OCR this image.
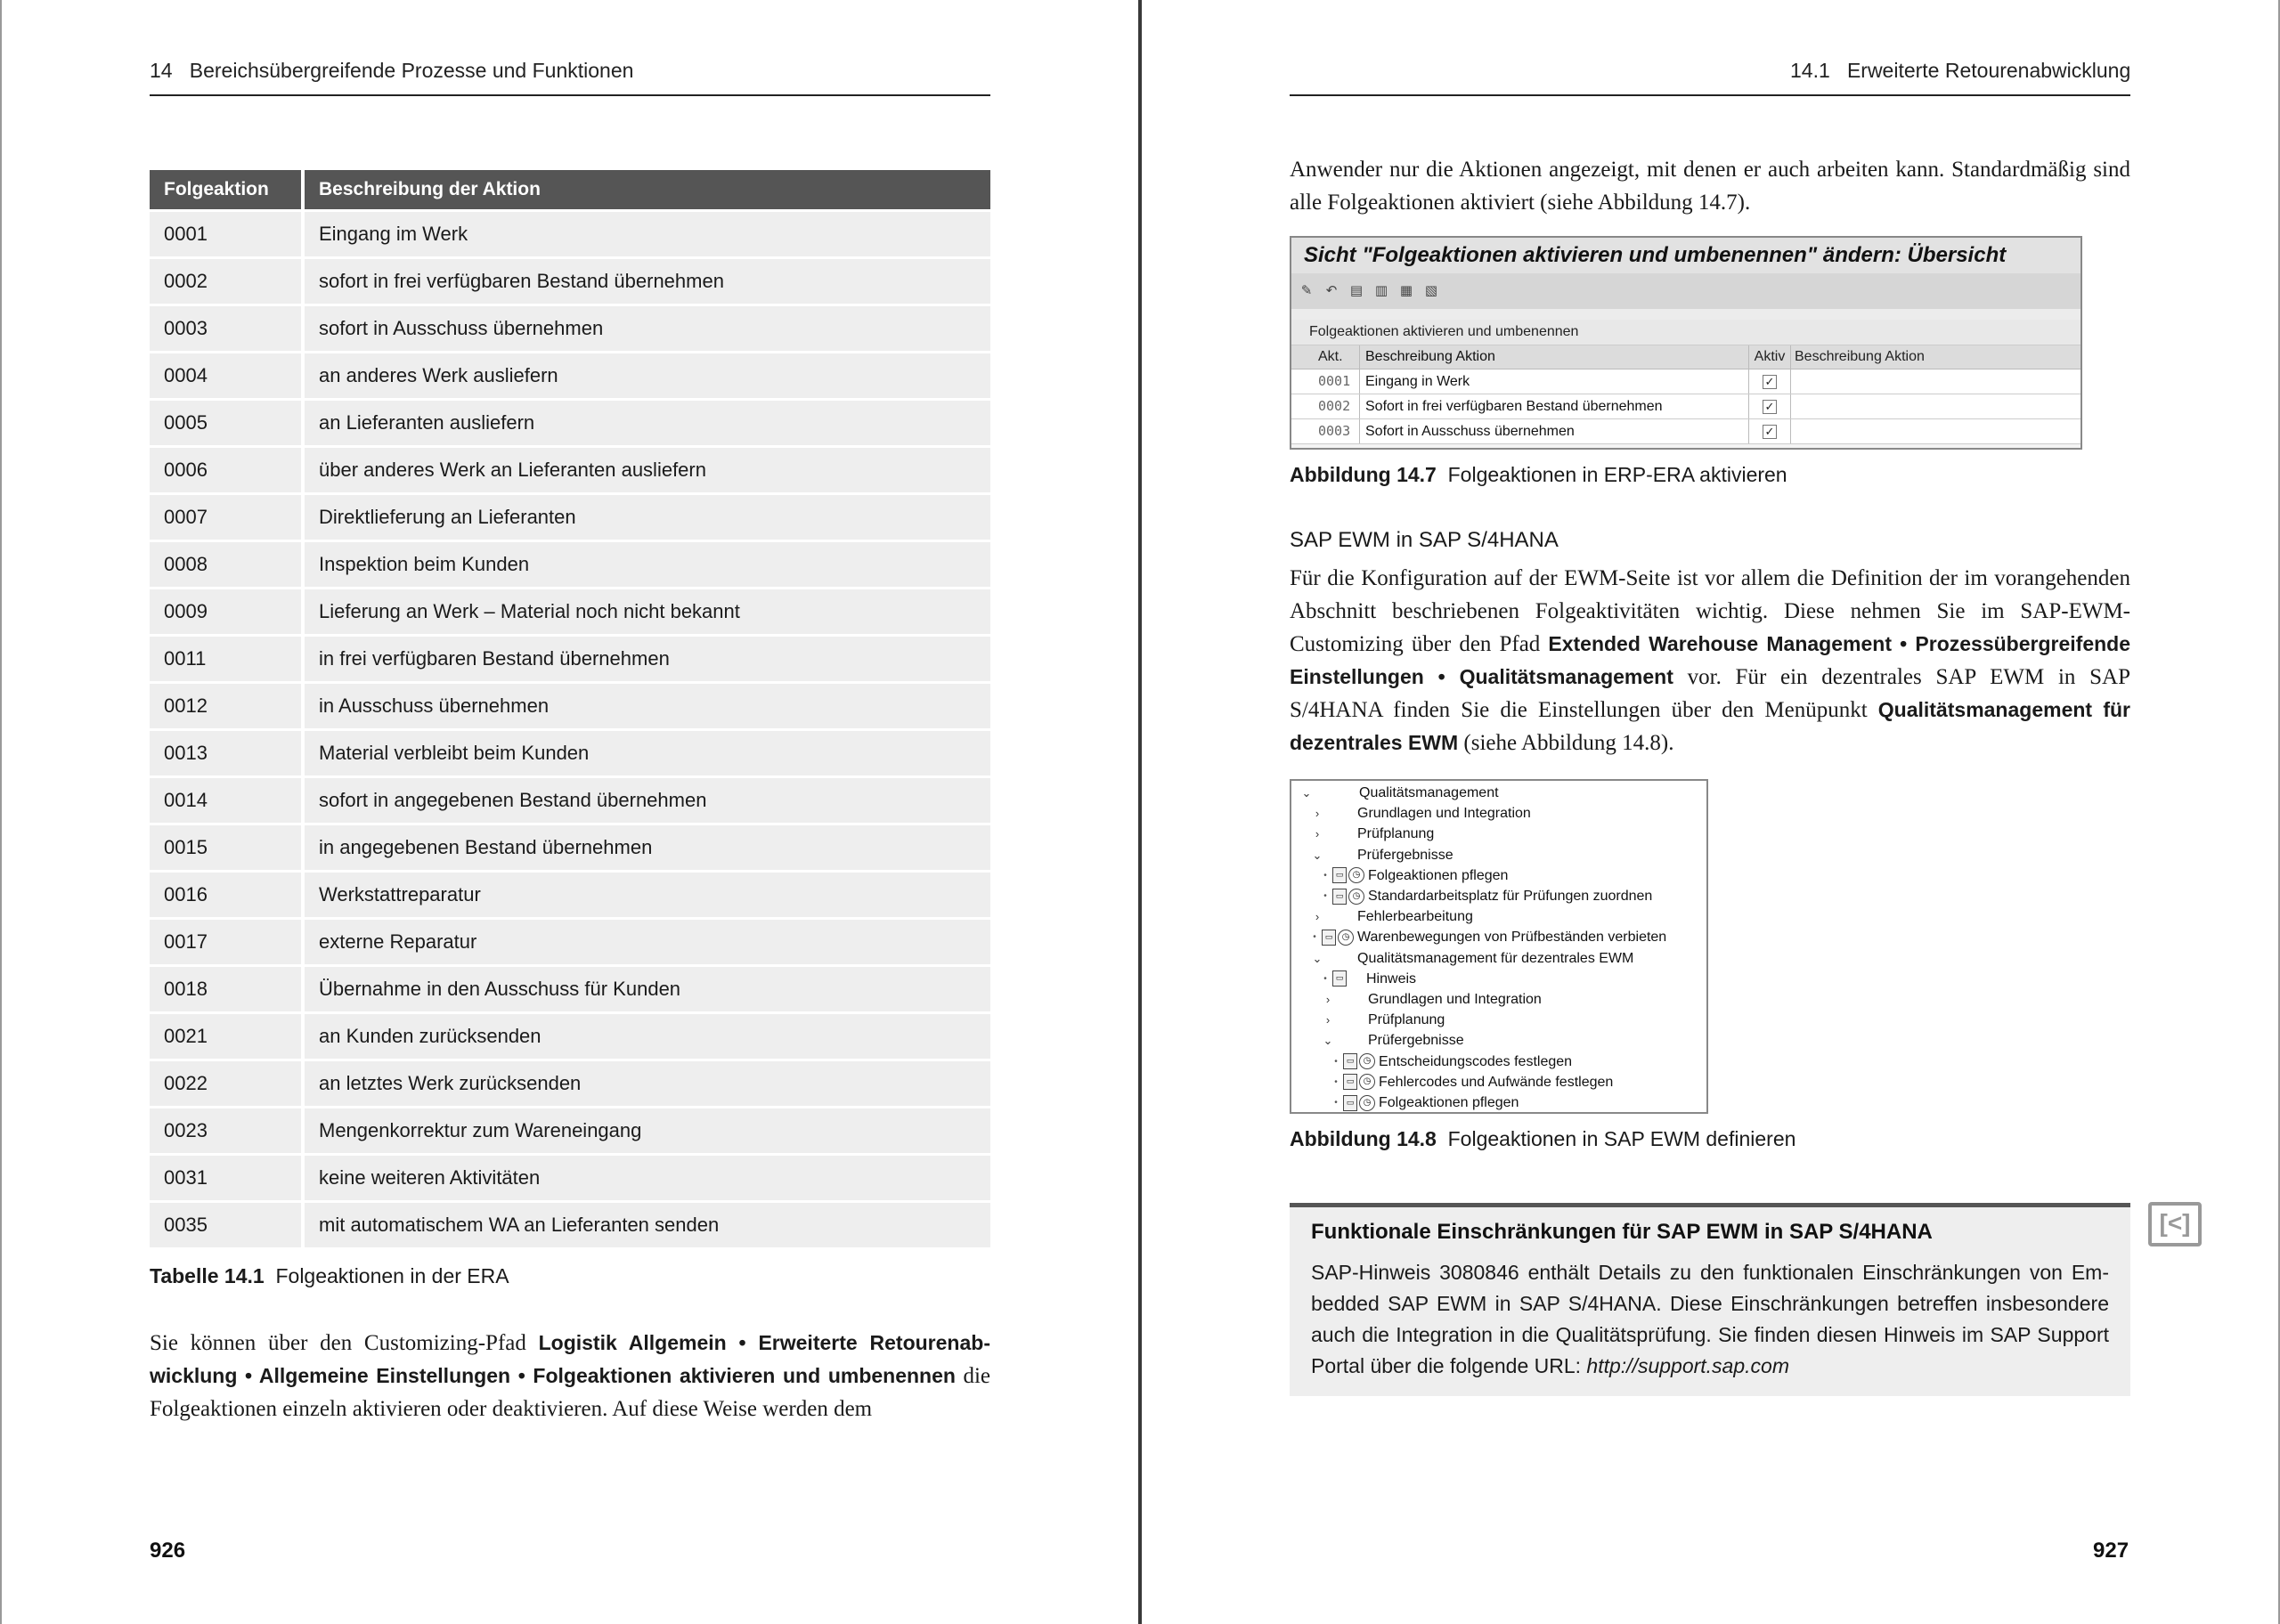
14 Bereichsübergreifende Prozesse und Funktionen
Folgeaktion	Beschreibung der Aktion
0001	Eingang im Werk
0002	sofort in frei verfügbaren Bestand übernehmen
0003	sofort in Ausschuss übernehmen
0004	an anderes Werk ausliefern
0005	an Lieferanten ausliefern
0006	über anderes Werk an Lieferanten ausliefern
0007	Direktlieferung an Lieferanten
0008	Inspektion beim Kunden
0009	Lieferung an Werk – Material noch nicht bekannt
0011	in frei verfügbaren Bestand übernehmen
0012	in Ausschuss übernehmen
0013	Material verbleibt beim Kunden
0014	sofort in angegebenen Bestand übernehmen
0015	in angegebenen Bestand übernehmen
0016	Werkstattreparatur
0017	externe Reparatur
0018	Übernahme in den Ausschuss für Kunden
0021	an Kunden zurücksenden
0022	an letztes Werk zurücksenden
0023	Mengenkorrektur zum Wareneingang
0031	keine weiteren Aktivitäten
0035	mit automatischem WA an Lieferanten senden
Tabelle 14.1 Folgeaktionen in der ERA
Sie können über den Customizing-Pfad Logistik Allgemein • Erweiterte Retourenabwicklung • Allgemeine Einstellungen • Folgeaktionen aktivieren und umbenennen die Folgeaktionen einzeln aktivieren oder deaktivieren. Auf diese Weise werden dem
926
14.1 Erweiterte Retourenabwicklung
Anwender nur die Aktionen angezeigt, mit denen er auch arbeiten kann. Standardmäßig sind alle Folgeaktionen aktiviert (siehe Abbildung 14.7).
Sicht "Folgeaktionen aktivieren und umbenennen" ändern: Übersicht
✎	↶ ▤ ▥ ▦ ▧
Folgeaktionen aktivieren und umbenennen
Akt.	Beschreibung Aktion	Aktiv Beschreibung Aktion
0001	Eingang in Werk	✓
0002	Sofort in frei verfügbaren Bestand übernehmen	✓
0003	Sofort in Ausschuss übernehmen	✓
Abbildung 14.7 Folgeaktionen in ERP-ERA aktivieren
SAP EWM in SAP S/4HANA
Für die Konfiguration auf der EWM-Seite ist vor allem die Definition der im vorangehenden Abschnitt beschriebenen Folgeaktivitäten wichtig. Diese nehmen Sie im SAP-EWM-Customizing über den Pfad Extended Warehouse Management • Prozessübergreifende Einstellungen • Qualitätsmanagement vor. Für ein dezentrales SAP EWM in SAP S/4HANA finden Sie die Einstellungen über den Menüpunkt Qualitätsmanagement für dezentrales EWM (siehe Abbildung 14.8).
⌄	Qualitätsmanagement
›	Grundlagen und Integration
›	Prüfplanung
⌄ Prüfergebnisse
•	▭	◷ Folgeaktionen pflegen
•	▭	◷ Standardarbeitsplatz für Prüfungen zuordnen
›	Fehlerbearbeitung
•	▭	◷ Warenbewegungen von Prüfbeständen verbieten
⌄ Qualitätsmanagement für dezentrales EWM
•	▭ Hinweis
›	Grundlagen und Integration
›	Prüfplanung
⌄ Prüfergebnisse
•	▭	◷ Entscheidungscodes festlegen
•	▭	◷ Fehlercodes und Aufwände festlegen
•	▭	◷ Folgeaktionen pflegen
Abbildung 14.8 Folgeaktionen in SAP EWM definieren
Funktionale Einschränkungen für SAP EWM in SAP S/4HANA
SAP-Hinweis 3080846 enthält Details zu den funktionalen Einschränkungen von Embedded SAP EWM in SAP S/4HANA. Diese Einschränkungen betreffen insbesondere auch die Integration in die Qualitätsprüfung. Sie finden diesen Hinweis im SAP Support Portal über die folgende URL: http://support.sap.com
[<]
927
